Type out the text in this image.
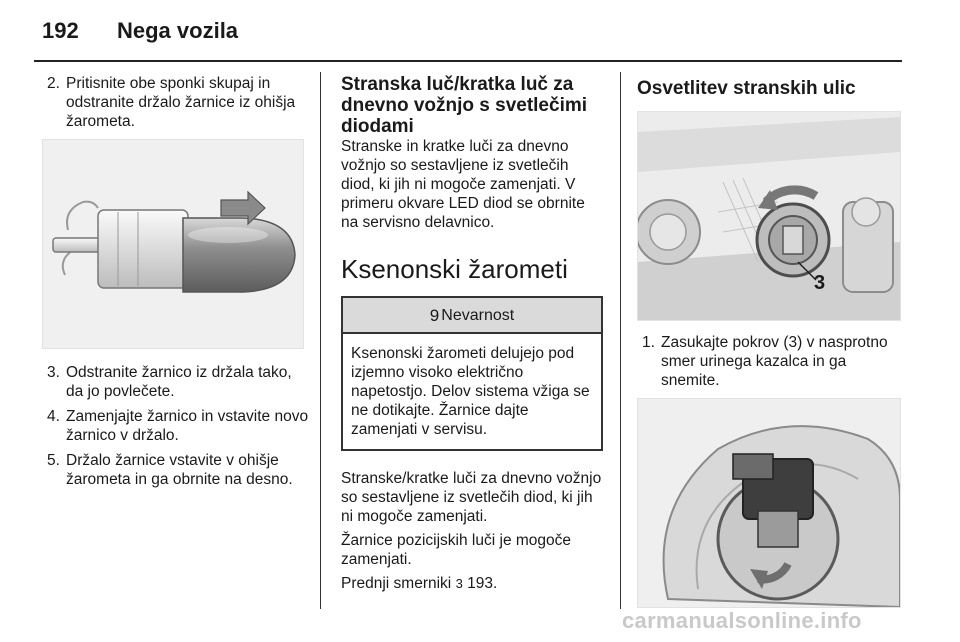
192 Nega vozila
2. Pritisnite obe sponki skupaj in odstranite držalo žarnice iz ohišja žarometa.
3. Odstranite žarnico iz držala tako, da jo povlečete.
4. Zamenjajte žarnico in vstavite novo žarnico v držalo.
5. Držalo žarnice vstavite v ohišje žarometa in ga obrnite na desno.
Stranska luč/kratka luč za dnevno vožnjo s svetlečimi diodami

Stranske in kratke luči za dnevno vožnjo so sestavljene iz svetlečih diod, ki jih ni mogoče zamenjati. V primeru okvare LED diod se obrnite na servisno delavnico.

Ksenonski žarometi
9 Nevarnost
Ksenonski žarometi delujejo pod izjemno visoko električno napetostjo. Delov sistema vžiga se ne dotikajte. Žarnice dajte zamenjati v servisu.

Stranske/kratke luči za dnevno vožnjo so sestavljene iz svetlečih diod, ki jih ni mogoče zamenjati.

Žarnice pozicijskih luči je mogoče zamenjati.

Prednji smerniki 3 193.

Osvetlitev stranskih ulic
3
1. Zasukajte pokrov (3) v nasprotno smer urinega kazalca in ga snemite.
carmanualsonline.info
